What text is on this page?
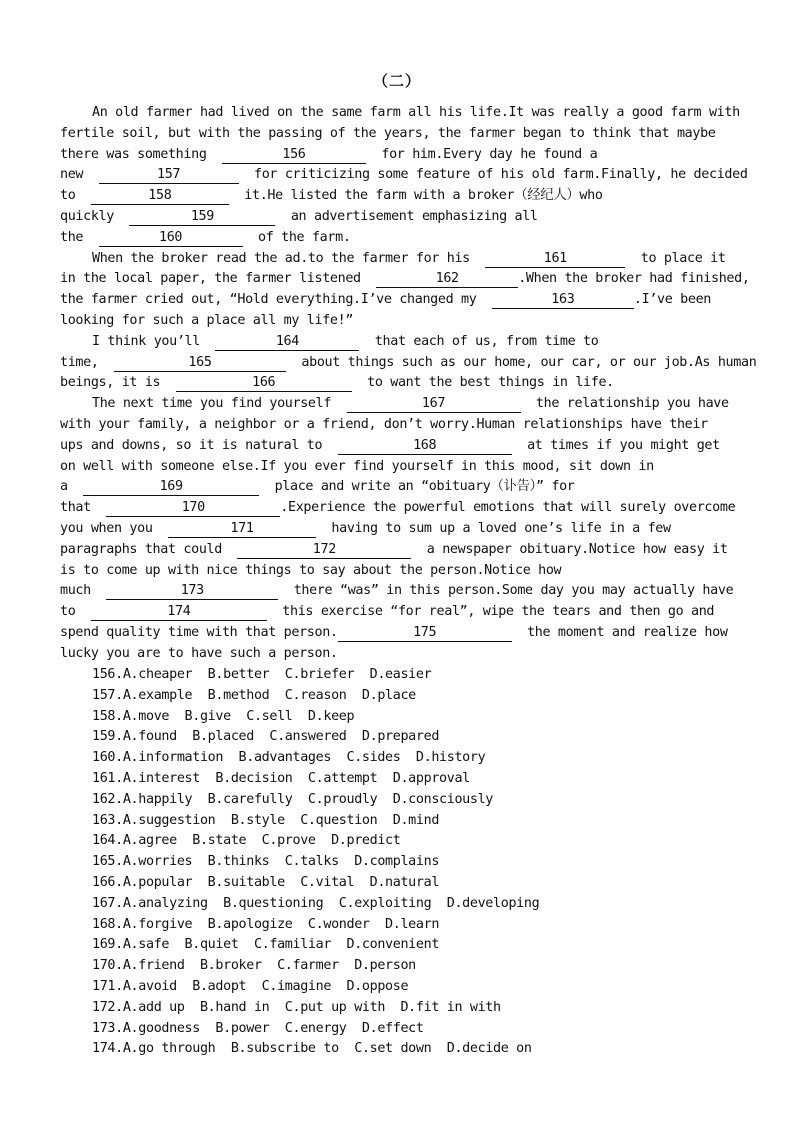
（二）
An old farmer had lived on the same farm all his life.It was really a good farm with
fertile soil, but with the passing of the years, the farmer began to think that maybe
there was something	156	for him.Every day he found a
new	157	for criticizing some feature of his old farm.Finally, he decided
to	158	it.He listed the farm with a broker（经纪人）who
quickly	159	an advertisement emphasizing all
the	160	of the farm.
When the broker read the ad.to the farmer for his	161	to place it
in the local paper, the farmer listened	162	.When the broker had finished,
the farmer cried out, “Hold everything.I’ve changed my	163	.I’ve been
looking for such a place all my life!”
I think you’ll	164	that each of us, from time to
time,	165	about things such as our home, our car, or our job.As human
beings, it is	166	to want the best things in life.
The next time you find yourself	167	the relationship you have
with your family, a neighbor or a friend, don’t worry.Human relationships have their
ups and downs, so it is natural to	168	at times if you might get
on well with someone else.If you ever find yourself in this mood, sit down in
a	169	place and write an “obituary（讣告）” for
that	170	.Experience the powerful emotions that will surely overcome
you when you	171	having to sum up a loved one’s life in a few
paragraphs that could	172	a newspaper obituary.Notice how easy it
is to come up with nice things to say about the person.Notice how
much	173	there “was” in this person.Some day you may actually have
to	174	this exercise “for real”, wipe the tears and then go and
spend quality time with that person.	175	the moment and realize how
lucky you are to have such a person.
156.A.cheaper  B.better  C.briefer  D.easier
157.A.example  B.method  C.reason  D.place
158.A.move  B.give  C.sell  D.keep
159.A.found  B.placed  C.answered  D.prepared
160.A.information  B.advantages  C.sides  D.history
161.A.interest  B.decision  C.attempt  D.approval
162.A.happily  B.carefully  C.proudly  D.consciously
163.A.suggestion  B.style  C.question  D.mind
164.A.agree  B.state  C.prove  D.predict
165.A.worries  B.thinks  C.talks  D.complains
166.A.popular  B.suitable  C.vital  D.natural
167.A.analyzing  B.questioning  C.exploiting  D.developing
168.A.forgive  B.apologize  C.wonder  D.learn
169.A.safe  B.quiet  C.familiar  D.convenient
170.A.friend  B.broker  C.farmer  D.person
171.A.avoid  B.adopt  C.imagine  D.oppose
172.A.add up  B.hand in  C.put up with  D.fit in with
173.A.goodness  B.power  C.energy  D.effect
174.A.go through  B.subscribe to  C.set down  D.decide on
